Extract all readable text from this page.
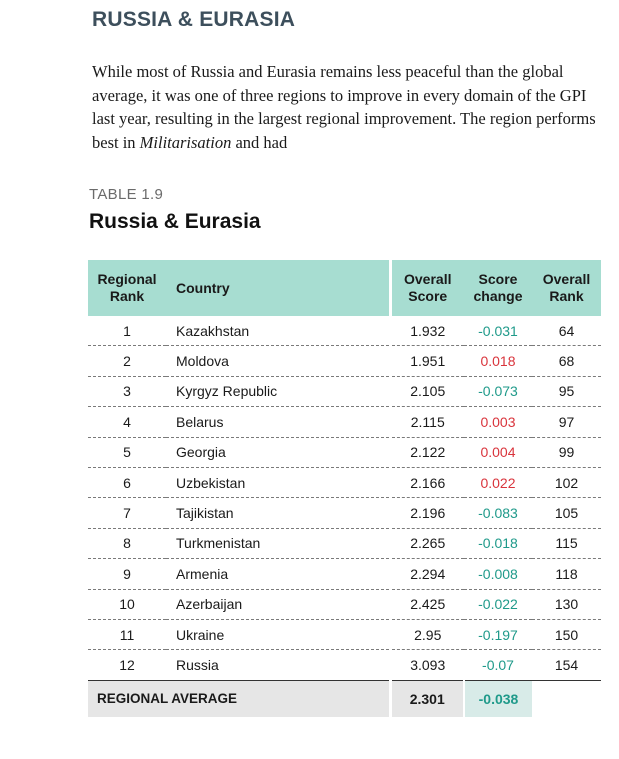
RUSSIA & EURASIA

While most of Russia and Eurasia remains less peaceful than the global average, it was one of three regions to improve in every domain of the GPI last year, resulting in the largest regional improvement. The region performs best in Militarisation and had

TABLE 1.9
Russia & Eurasia
Regional Rank	Country	Overall Score	Score change	Overall Rank
1	Kazakhstan	1.932	-0.031	64
2	Moldova	1.951	0.018	68
3	Kyrgyz Republic	2.105	-0.073	95
4	Belarus	2.115	0.003	97
5	Georgia	2.122	0.004	99
6	Uzbekistan	2.166	0.022	102
7	Tajikistan	2.196	-0.083	105
8	Turkmenistan	2.265	-0.018	115
9	Armenia	2.294	-0.008	118
10	Azerbaijan	2.425	-0.022	130
11	Ukraine	2.95	-0.197	150
12	Russia	3.093	-0.07	154
REGIONAL AVERAGE		2.301	-0.038	
